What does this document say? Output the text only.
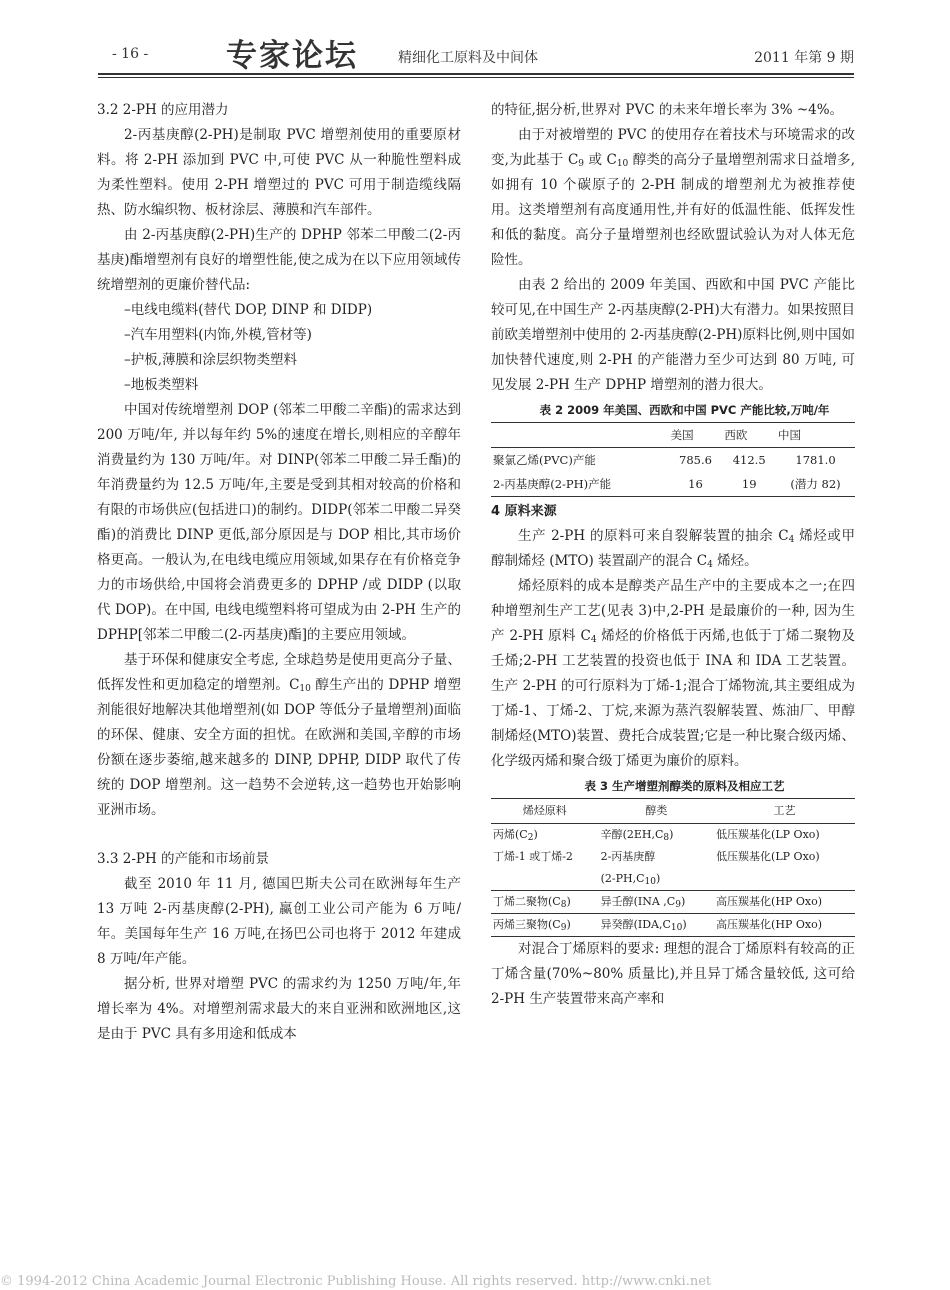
- 16 -	专家论坛	精细化工原料及中间体	2011 年第 9 期

3.2 2-PH 的应用潜力

2-丙基庚醇(2-PH)是制取 PVC 增塑剂使用的重要原材料。将 2-PH 添加到 PVC 中,可使 PVC 从一种脆性塑料成为柔性塑料。使用 2-PH 增塑过的 PVC 可用于制造缆线隔热、防水编织物、板材涂层、薄膜和汽车部件。

由 2-丙基庚醇(2-PH)生产的 DPHP 邻苯二甲酸二(2-丙基庚)酯增塑剂有良好的增塑性能,使之成为在以下应用领域传统增塑剂的更廉价替代品:

–电线电缆料(替代 DOP, DINP 和 DIDP)

–汽车用塑料(内饰,外模,管材等)

–护板,薄膜和涂层织物类塑料

–地板类塑料

中国对传统增塑剂 DOP (邻苯二甲酸二辛酯)的需求达到 200 万吨/年, 并以每年约 5%的速度在增长,则相应的辛醇年消费量约为 130 万吨/年。对 DINP(邻苯二甲酸二异壬酯)的年消费量约为 12.5 万吨/年,主要是受到其相对较高的价格和有限的市场供应(包括进口)的制约。DIDP(邻苯二甲酸二异癸酯)的消费比 DINP 更低,部分原因是与 DOP 相比,其市场价格更高。一般认为,在电线电缆应用领域,如果存在有价格竞争力的市场供给,中国将会消费更多的 DPHP /或 DIDP (以取代 DOP)。在中国, 电线电缆塑料将可望成为由 2-PH 生产的 DPHP[邻苯二甲酸二(2-丙基庚)酯]的主要应用领域。

基于环保和健康安全考虑, 全球趋势是使用更高分子量、低挥发性和更加稳定的增塑剂。$C_{10}$ 醇生产出的 DPHP 增塑剂能很好地解决其他增塑剂(如 DOP 等低分子量增塑剂)面临的环保、健康、安全方面的担忧。在欧洲和美国,辛醇的市场份额在逐步萎缩,越来越多的 DINP, DPHP, DIDP 取代了传统的 DOP 增塑剂。这一趋势不会逆转,这一趋势也开始影响亚洲市场。

3.3 2-PH 的产能和市场前景

截至 2010 年 11 月, 德国巴斯夫公司在欧洲每年生产 13 万吨 2-丙基庚醇(2-PH), 赢创工业公司产能为 6 万吨/年。美国每年生产 16 万吨,在扬巴公司也将于 2012 年建成 8 万吨/年产能。

据分析, 世界对增塑 PVC 的需求约为 1250 万吨/年,年增长率为 4%。对增塑剂需求最大的来自亚洲和欧洲地区,这是由于 PVC 具有多用途和低成本

的特征,据分析,世界对 PVC 的未来年增长率为 3% ~4%。

由于对被增塑的 PVC 的使用存在着技术与环境需求的改变,为此基于 $C_9$ 或 $C_{10}$ 醇类的高分子量增塑剂需求日益增多,如拥有 10 个碳原子的 2-PH 制成的增塑剂尤为被推荐使用。这类增塑剂有高度通用性,并有好的低温性能、低挥发性和低的黏度。高分子量增塑剂也经欧盟试验认为对人体无危险性。

由表 2 给出的 2009 年美国、西欧和中国 PVC 产能比较可见,在中国生产 2-丙基庚醇(2-PH)大有潜力。如果按照目前欧美增塑剂中使用的 2-丙基庚醇(2-PH)原料比例,则中国如加快替代速度,则 2-PH 的产能潜力至少可达到 80 万吨, 可见发展 2-PH 生产 DPHP 增塑剂的潜力很大。

表 2 2009 年美国、西欧和中国 PVC 产能比较,万吨/年

	美国	西欧	中国
聚氯乙烯(PVC)产能	785.6	412.5	1781.0
2-丙基庚醇(2-PH)产能	16	19	(潜力 82)

4 原料来源

生产 2-PH 的原料可来自裂解装置的抽余 $C_4$ 烯烃或甲醇制烯烃 (MTO) 装置副产的混合 $C_4$ 烯烃。

烯烃原料的成本是醇类产品生产中的主要成本之一;在四种增塑剂生产工艺(见表 3)中,2-PH 是最廉价的一种, 因为生产 2-PH 原料 $C_4$ 烯烃的价格低于丙烯,也低于丁烯二聚物及壬烯;2-PH 工艺装置的投资也低于 INA 和 IDA 工艺装置。生产 2-PH 的可行原料为丁烯-1;混合丁烯物流,其主要组成为丁烯-1、丁烯-2、丁烷,来源为蒸汽裂解装置、炼油厂、甲醇制烯烃(MTO)装置、费托合成装置;它是一种比聚合级丙烯、化学级丙烯和聚合级丁烯更为廉价的原料。

表 3 生产增塑剂醇类的原料及相应工艺

烯烃原料	醇类	工艺
丙烯$(C_2)$	辛醇$(2EH,C_8)$	低压羰基化(LP Oxo)
丁烯-1 或丁烯-2	2-丙基庚醇	低压羰基化(LP Oxo)
	$(2-PH,C_{10})$	
丁烯二聚物$(C_8)$	异壬醇(INA $,C_9$)	高压羰基化(HP Oxo)
丙烯三聚物$(C_9)$	异癸醇$(IDA,C_{10})$	高压羰基化(HP Oxo)

对混合丁烯原料的要求: 理想的混合丁烯原料有较高的正丁烯含量(70%~80% 质量比),并且异丁烯含量较低, 这可给 2-PH 生产装置带来高产率和

© 1994-2012 China Academic Journal Electronic Publishing House. All rights reserved. http://www.cnki.net
